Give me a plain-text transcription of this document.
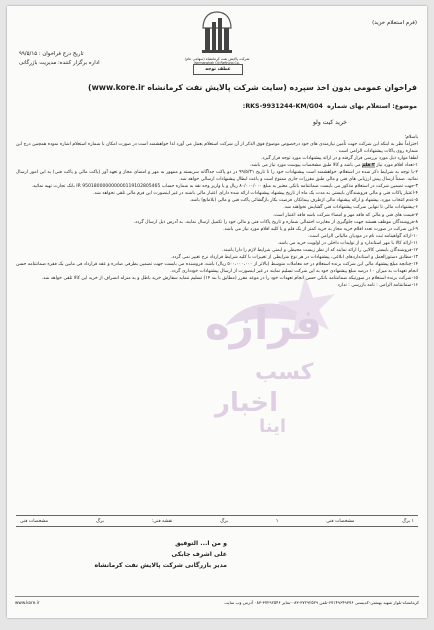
(فرم استعلام خرید)
شرکت پالایش نفت کرمانشاه (سهامی عام)
Kermanshah Oil Refining Co.
تاریخ درج فراخوان : ۹۹/۵/۱۵
اداره برگزار کننده: مدیریت بازرگانی
عطف توجه
فراخوان عمومی بدون اخذ سپرده (سایت شرکت پالایش نفت کرمانشاه www.kore.ir)
موضوع: استعلام بهای شماره RKS-9931244-KM/G04:
خرید کیت ولو

باسلام؛

احتراماً نظر به اینکه این شرکت جهت تأمین نیازمندی های خود درخصوص موضوع فوق الذکر از آن شرکت استعلام بعمل می آورد لذا خواهشمند است در صورت امکان با شماره استعلام اشاره نموده همچنین درج این شماره روی پاکات پیشنهادات الزامی است .

لطفا موارد ذیل مورد بررسی قرار گرفته و در ارائه پیشنهادات مورد توجه قرار گیرد.

۱-تعداد اقلام مورد نیاز ۲ قلم می باشد و کالا طبق مشخصات پیوست مورد نیاز می باشد.

۲-با توجه به شرایط ذکر شده در استعلام، خواهشمند است پیشنهادات خود را تا تاریخ ۹۹/۵/۳۱ در دو پاکت جداگانه سربسته و ممهور به مهر و امضای مجاز و تعهد آور (پاکت مالی و پاکت فنی) به این امور ارسال نمائید. ضمناً ارسال پیش ارزیابی های فنی و مالی طبق مقررات جاری ممنوع است و باعث ابطال پیشنهادات ارسالی خواهد شد.

۳-جهت تضمین شرکت در استعلام مذکور می بایست ضمانتنامه بانکی معتبر به مبلغ ۸۰/۰۰۰/۰۰۰ ریال و یا واریز وجه نقد به شماره حساب IR 950180000000000119102805465 بانک تجارت تهیه نمائید.

۴-اعتبار پاکات فنی و مالی فروشندگان بایستی به مدت یک ماه از تاریخ پیشنهاد پیشنهادات ارائه شده دارای اعتبار مالی باشند در غیر اینصورت این فرم مالی تلقی نخواهد شد.

۵-عدم انتخاب مورد، پیشنهاد و ارائه پیشنهاد مالی ازطرف پیمانکار، فرصت بکار بازگشائی پاکت فنی و مالی (بلامانع) باشد.

۶-پیشنهادات مالی تا تنهایی شرکت پیشنهادات فنی گشایش نخواهند شد.

۷-قیمت های فنی و مالی که فاقد مهر و امضاء شرکت باشد فاقد اعتبار است.

۸-فروشندگان موظف هستند جهت جلوگیری از مغایرت احتمالی شماره و تاریخ پاکات فنی و مالی خود را تکمیل ارسال نمایند. به آدرس ذیل ارسال گردد.

۹-این شرکت در صورت تعدد اقلام خرید مجاز به خرید کمتر از یک قلم و یا کلیه اقلام مورد نیاز می باشد.

۱۰-ارائه گواهینامه ثبت نام در مودیان مالیاتی الزامی است.

۱۱-ارائه کالا با مهر استاندارد و از تولیدات داخلی در اولویت خرید می باشد.

۱۲-فروشندگان بایستی کالایی را ارائه نمایند که از نظر زیست محیطی و ایمنی شرایط لازم را دارا باشند.

۱۳-مطابق دستورالعمل و استانداردهای ابلاغی، پیشنهادات در هر نوع شرایطی از تغییرات با کلیه شرایط قرارداد نرخ تغییر نمی گردد.

۱۴-چنانچه مبلغ پیشنهاد مالی این شرکت برنده استعلام در حد معاملات متوسط (بالاتر از ۵۰۰،۰۰۰،۰۰۰ ریال) باشد، فروشنده می بایست جهت تضمین بطرفی صادره و عقد قرارداد فی مابین یک فقره ضمانتنامه حسن انجام تعهدات به میزان ۱۰ درصد مبلغ پیشنهادی خود به این شرکت تسلیم نمایند در غیر اینصورت از ارسال پیشنهادات خودداری گردد.

۱۵-شرکت برنده استعلام در صورتیکه ضمانتنامه بانکی حسن انجام تعهدات خود را در موعد مقرر (مطابق با بند ۱۴) تسلیم ننماید سفارش خرید باطل و به منزله انصراف از خرید این کالا تلقی خواهد شد.

۱۶-ضمانتنامه الزامی : نامه بازرسی : ندارد

۱ برگ
مشخصات فنی
۱
برگ
نقشه فنی:
برگ
مشخصات فنی
و من ا... التوفیق
علی اشرف جابکی
مدیر بازرگانی شرکت پالایش نفت کرمانشاه
کرمانشاه-بلوار شهید بهشتی-کدپستی ۶۷۱۴۹۶۴۹۳۷۶-تلفن ۳۷۲۹۲۵۲۹-۰۸۳-نمابر ۳۷۲۹۲۵۴۶-۰۸۳ آدرس وب سایت
www.kore.ir
فرازه
کسب
اخبار
اینا
